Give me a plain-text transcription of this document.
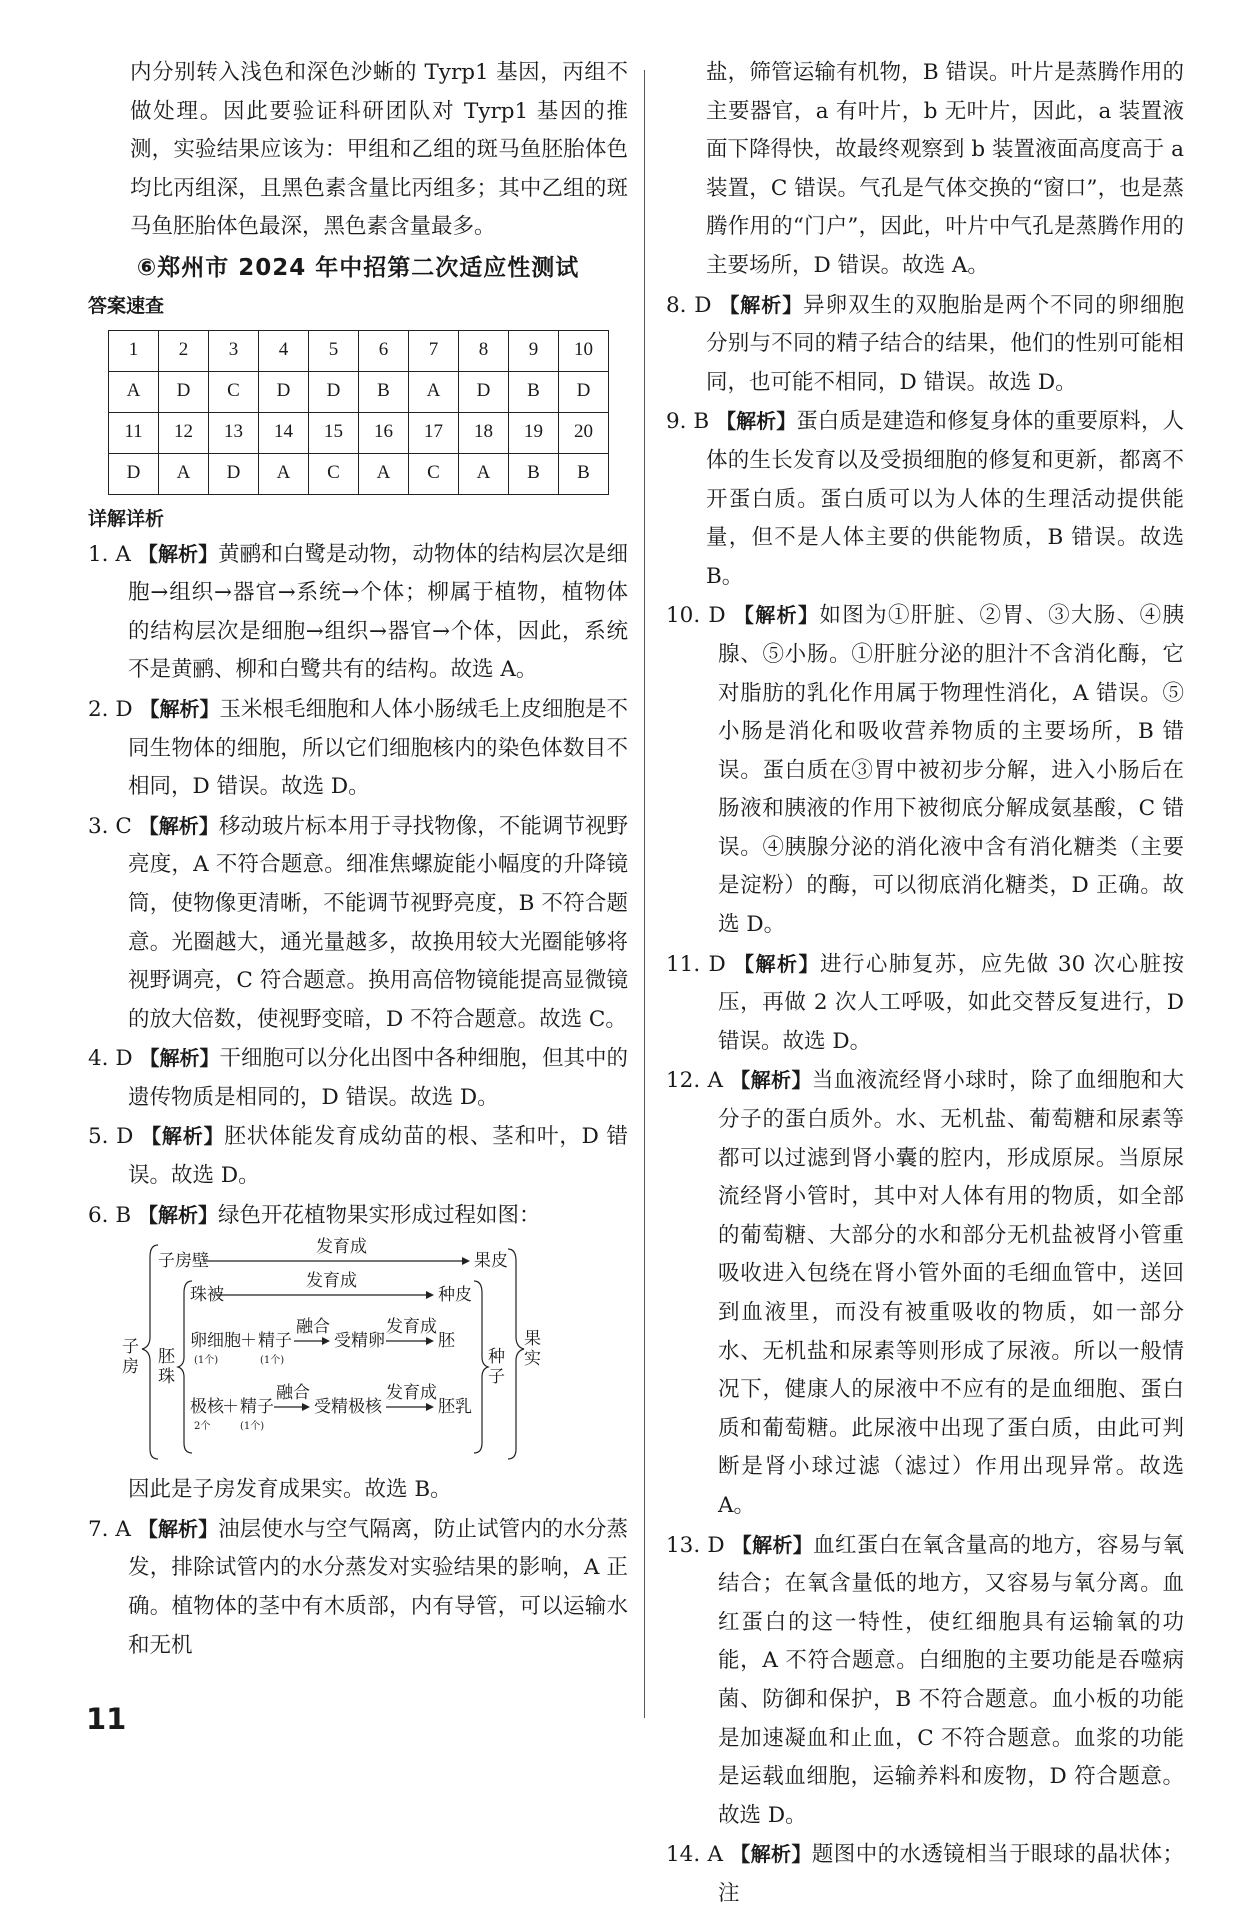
内分别转入浅色和深色沙蜥的 Tyrp1 基因，丙组不做处理。因此要验证科研团队对 Tyrp1 基因的推测，实验结果应该为：甲组和乙组的斑马鱼胚胎体色均比丙组深，且黑色素含量比丙组多；其中乙组的斑马鱼胚胎体色最深，黑色素含量最多。

⑥郑州市 2024 年中招第二次适应性测试
答案速查
1	2	3	4	5	6	7	8	9	10
A	D	C	D	D	B	A	D	B	D
11	12	13	14	15	16	17	18	19	20
D	A	D	A	C	A	C	A	B	B
详解详析

1. A 【解析】黄鹂和白鹭是动物，动物体的结构层次是细胞→组织→器官→系统→个体；柳属于植物，植物体的结构层次是细胞→组织→器官→个体，因此，系统不是黄鹂、柳和白鹭共有的结构。故选 A。

2. D 【解析】玉米根毛细胞和人体小肠绒毛上皮细胞是不同生物体的细胞，所以它们细胞核内的染色体数目不相同，D 错误。故选 D。

3. C 【解析】移动玻片标本用于寻找物像，不能调节视野亮度，A 不符合题意。细准焦螺旋能小幅度的升降镜筒，使物像更清晰，不能调节视野亮度，B 不符合题意。光圈越大，通光量越多，故换用较大光圈能够将视野调亮，C 符合题意。换用高倍物镜能提高显微镜的放大倍数，使视野变暗，D 不符合题意。故选 C。

4. D 【解析】干细胞可以分化出图中各种细胞，但其中的遗传物质是相同的，D 错误。故选 D。

5. D 【解析】胚状体能发育成幼苗的根、茎和叶，D 错误。故选 D。

6. B 【解析】绿色开花植物果实形成过程如图：

子房壁
发育成
果皮
果实
子房
珠被
发育成
种皮
种子
胚珠
卵细胞
(1个)
＋ 精子
(1个)
融合
受精卵
发育成
胚
极核
2个
＋ 精子
(1个)
融合
受精极核
发育成
胚乳

因此是子房发育成果实。故选 B。

7. A 【解析】油层使水与空气隔离，防止试管内的水分蒸发，排除试管内的水分蒸发对实验结果的影响，A 正确。植物体的茎中有木质部，内有导管，可以运输水和无机

盐，筛管运输有机物，B 错误。叶片是蒸腾作用的主要器官，a 有叶片，b 无叶片，因此，a 装置液面下降得快，故最终观察到 b 装置液面高度高于 a 装置，C 错误。气孔是气体交换的“窗口”，也是蒸腾作用的“门户”，因此，叶片中气孔是蒸腾作用的主要场所，D 错误。故选 A。

8. D 【解析】异卵双生的双胞胎是两个不同的卵细胞分别与不同的精子结合的结果，他们的性别可能相同，也可能不相同，D 错误。故选 D。

9. B 【解析】蛋白质是建造和修复身体的重要原料，人体的生长发育以及受损细胞的修复和更新，都离不开蛋白质。蛋白质可以为人体的生理活动提供能量，但不是人体主要的供能物质，B 错误。故选 B。

10. D 【解析】如图为①肝脏、②胃、③大肠、④胰腺、⑤小肠。①肝脏分泌的胆汁不含消化酶，它对脂肪的乳化作用属于物理性消化，A 错误。⑤小肠是消化和吸收营养物质的主要场所，B 错误。蛋白质在③胃中被初步分解，进入小肠后在肠液和胰液的作用下被彻底分解成氨基酸，C 错误。④胰腺分泌的消化液中含有消化糖类（主要是淀粉）的酶，可以彻底消化糖类，D 正确。故选 D。

11. D 【解析】进行心肺复苏，应先做 30 次心脏按压，再做 2 次人工呼吸，如此交替反复进行，D 错误。故选 D。

12. A 【解析】当血液流经肾小球时，除了血细胞和大分子的蛋白质外。水、无机盐、葡萄糖和尿素等都可以过滤到肾小囊的腔内，形成原尿。当原尿流经肾小管时，其中对人体有用的物质，如全部的葡萄糖、大部分的水和部分无机盐被肾小管重吸收进入包绕在肾小管外面的毛细血管中，送回到血液里，而没有被重吸收的物质，如一部分水、无机盐和尿素等则形成了尿液。所以一般情况下，健康人的尿液中不应有的是血细胞、蛋白质和葡萄糖。此尿液中出现了蛋白质，由此可判断是肾小球过滤（滤过）作用出现异常。故选 A。

13. D 【解析】血红蛋白在氧含量高的地方，容易与氧结合；在氧含量低的地方，又容易与氧分离。血红蛋白的这一特性，使红细胞具有运输氧的功能，A 不符合题意。白细胞的主要功能是吞噬病菌、防御和保护，B 不符合题意。血小板的功能是加速凝血和止血，C 不符合题意。血浆的功能是运载血细胞，运输养料和废物，D 符合题意。故选 D。

14. A 【解析】题图中的水透镜相当于眼球的晶状体；注

11
